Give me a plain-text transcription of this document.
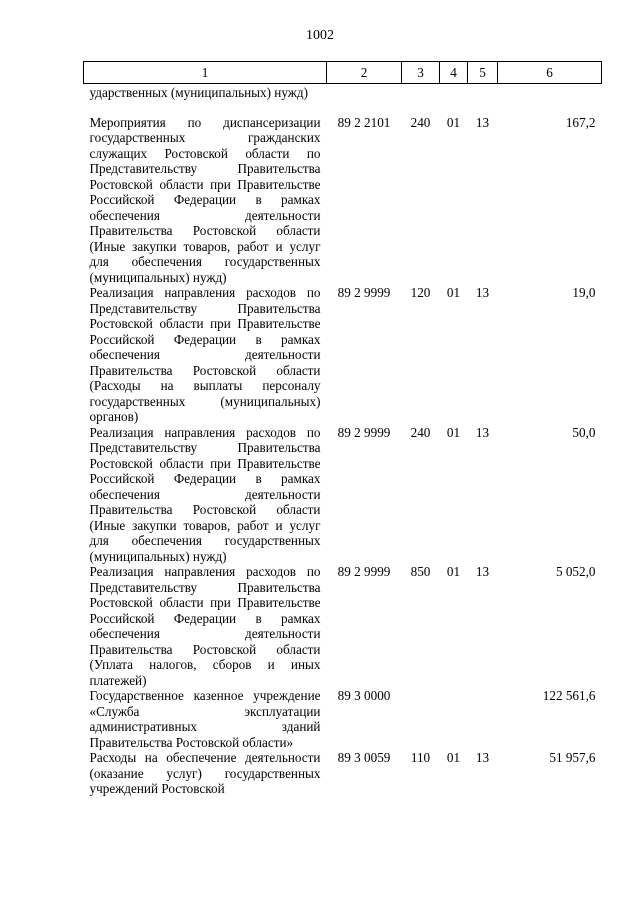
1002
1	2	3	4	5	6
ударственных (муниципальных) нужд)					
Мероприятия по диспансеризации государственных гражданских служащих Ростовской области по Представительству Правительства Ростовской области при Правительстве Российской Федерации в рамках обеспечения деятельности Правительства Ростовской области (Иные закупки товаров, работ и услуг для обеспечения государственных (муниципальных) нужд)	89 2 2101	240	01	13	167,2
Реализация направления расходов по Представительству Правительства Ростовской области при Правительстве Российской Федерации в рамках обеспечения деятельности Правительства Ростовской области (Расходы на выплаты персоналу государственных (муниципальных) органов)	89 2 9999	120	01	13	19,0
Реализация направления расходов по Представительству Правительства Ростовской области при Правительстве Российской Федерации в рамках обеспечения деятельности Правительства Ростовской области (Иные закупки товаров, работ и услуг для обеспечения государственных (муниципальных) нужд)	89 2 9999	240	01	13	50,0
Реализация направления расходов по Представительству Правительства Ростовской области при Правительстве Российской Федерации в рамках обеспечения деятельности Правительства Ростовской области (Уплата налогов, сборов и иных платежей)	89 2 9999	850	01	13	5 052,0
Государственное казенное учреждение «Служба эксплуатации административных зданий Правительства Ростовской области»	89 3 0000				122 561,6
Расходы на обеспечение деятельности (оказание услуг) государственных учреждений Ростовской	89 3 0059	110	01	13	51 957,6
